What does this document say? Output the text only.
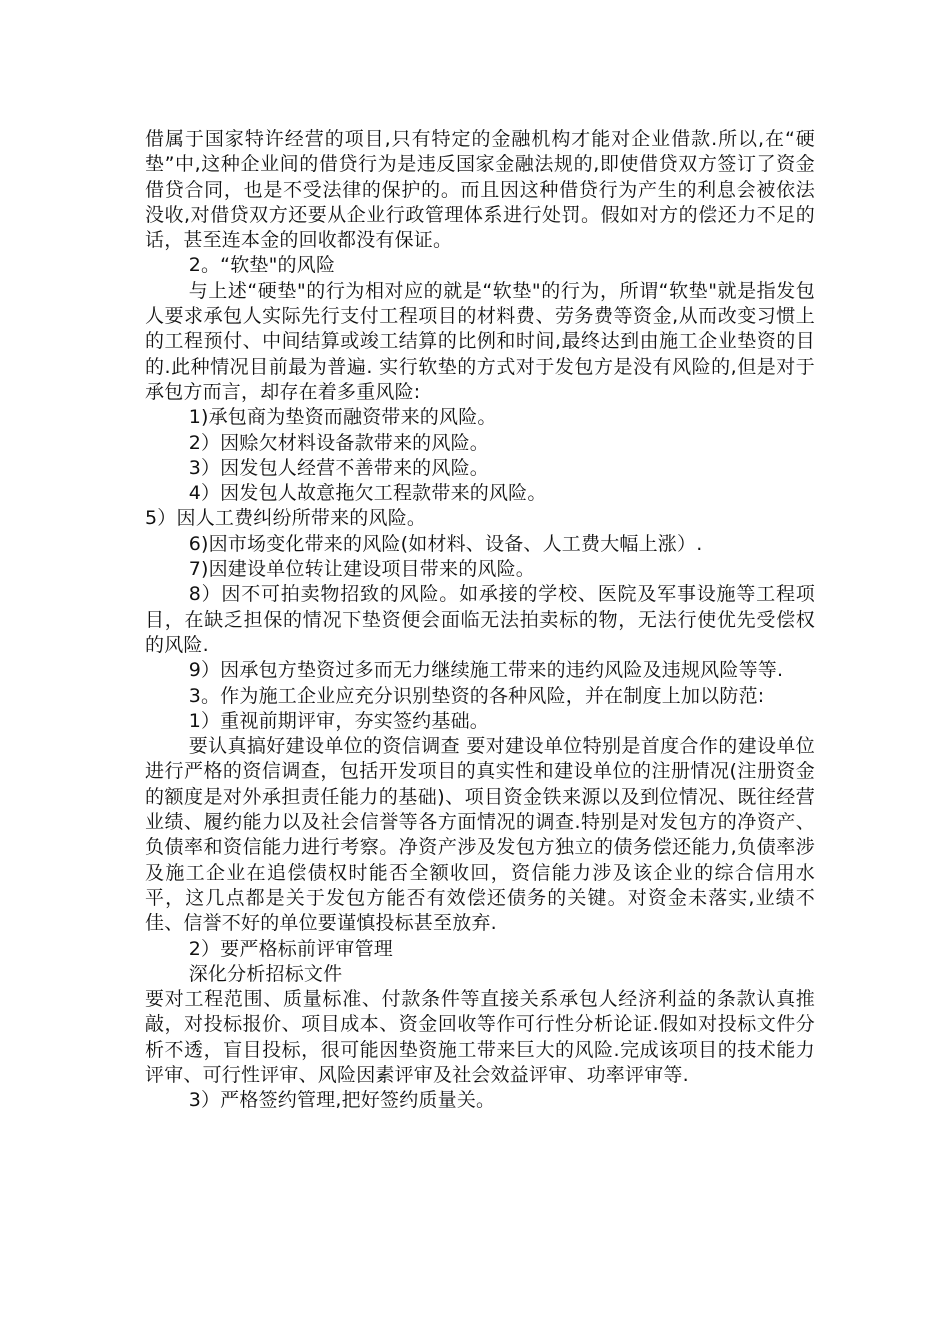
借属于国家特许经营的项目,只有特定的金融机构才能对企业借款.所以,在“硬垫”中,这种企业间的借贷行为是违反国家金融法规的,即使借贷双方签订了资金借贷合同，也是不受法律的保护的。而且因这种借贷行为产生的利息会被依法没收,对借贷双方还要从企业行政管理体系进行处罚。假如对方的偿还力不足的话，甚至连本金的回收都没有保证。

2。“软垫"的风险

与上述“硬垫"的行为相对应的就是“软垫"的行为，所谓“软垫"就是指发包人要求承包人实际先行支付工程项目的材料费、劳务费等资金,从而改变习惯上的工程预付、中间结算或竣工结算的比例和时间,最终达到由施工企业垫资的目的.此种情况目前最为普遍. 实行软垫的方式对于发包方是没有风险的,但是对于承包方而言，却存在着多重风险:

1)承包商为垫资而融资带来的风险。

2）因赊欠材料设备款带来的风险。

3）因发包人经营不善带来的风险。

4）因发包人故意拖欠工程款带来的风险。

5）因人工费纠纷所带来的风险。

6)因市场变化带来的风险(如材料、设备、人工费大幅上涨）.

7)因建设单位转让建设项目带来的风险。

8）因不可拍卖物招致的风险。如承接的学校、医院及军事设施等工程项目，在缺乏担保的情况下垫资便会面临无法拍卖标的物，无法行使优先受偿权的风险.

9）因承包方垫资过多而无力继续施工带来的违约风险及违规风险等等.

3。作为施工企业应充分识别垫资的各种风险，并在制度上加以防范:

1）重视前期评审，夯实签约基础。

要认真搞好建设单位的资信调查 要对建设单位特别是首度合作的建设单位进行严格的资信调查，包括开发项目的真实性和建设单位的注册情况(注册资金的额度是对外承担责任能力的基础)、项目资金铁来源以及到位情况、既往经营业绩、履约能力以及社会信誉等各方面情况的调查.特别是对发包方的净资产、负债率和资信能力进行考察。净资产涉及发包方独立的债务偿还能力,负债率涉及施工企业在追偿债权时能否全额收回，资信能力涉及该企业的综合信用水平，这几点都是关于发包方能否有效偿还债务的关键。对资金未落实,业绩不佳、信誉不好的单位要谨慎投标甚至放弃.

2）要严格标前评审管理

深化分析招标文件

要对工程范围、质量标准、付款条件等直接关系承包人经济利益的条款认真推敲，对投标报价、项目成本、资金回收等作可行性分析论证.假如对投标文件分析不透，盲目投标，很可能因垫资施工带来巨大的风险.完成该项目的技术能力评审、可行性评审、风险因素评审及社会效益评审、功率评审等.

3）严格签约管理,把好签约质量关。
